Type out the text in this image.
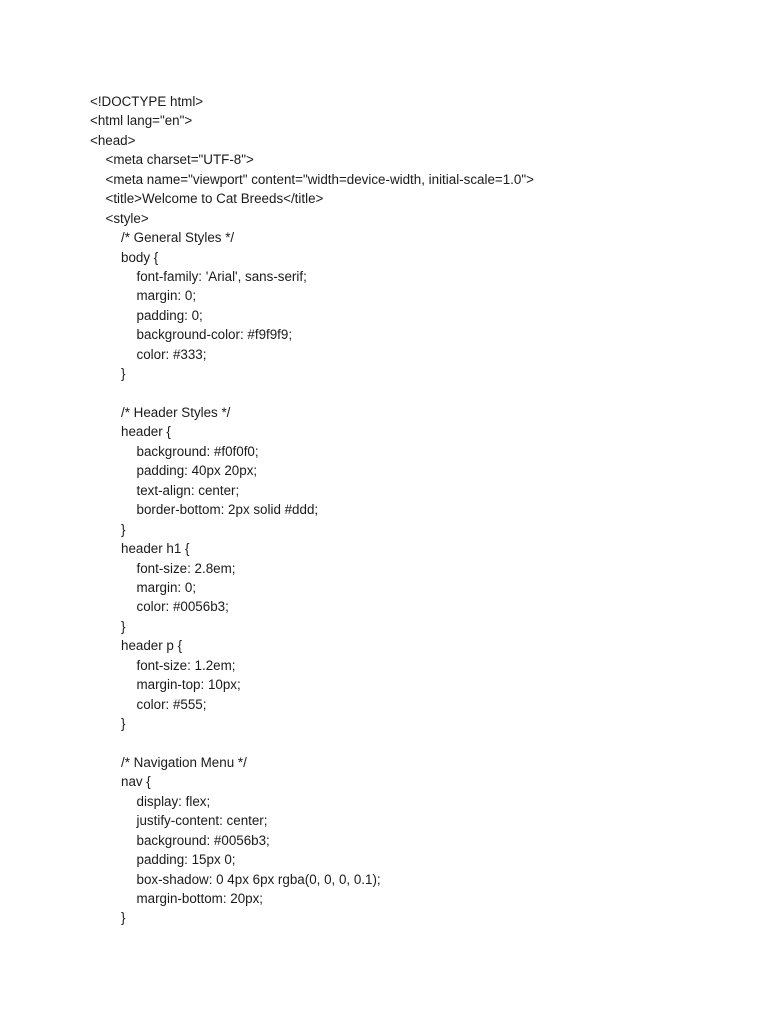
<!DOCTYPE html>
<html lang="en">
<head>
<meta charset="UTF-8">
<meta name="viewport" content="width=device-width, initial-scale=1.0">
<title>Welcome to Cat Breeds</title>
<style>
/* General Styles */
body {
font-family: 'Arial', sans-serif;
margin: 0;
padding: 0;
background-color: #f9f9f9;
color: #333;
}
/* Header Styles */
header {
background: #f0f0f0;
padding: 40px 20px;
text-align: center;
border-bottom: 2px solid #ddd;
}
header h1 {
font-size: 2.8em;
margin: 0;
color: #0056b3;
}
header p {
font-size: 1.2em;
margin-top: 10px;
color: #555;
}
/* Navigation Menu */
nav {
display: flex;
justify-content: center;
background: #0056b3;
padding: 15px 0;
box-shadow: 0 4px 6px rgba(0, 0, 0, 0.1);
margin-bottom: 20px;
}
